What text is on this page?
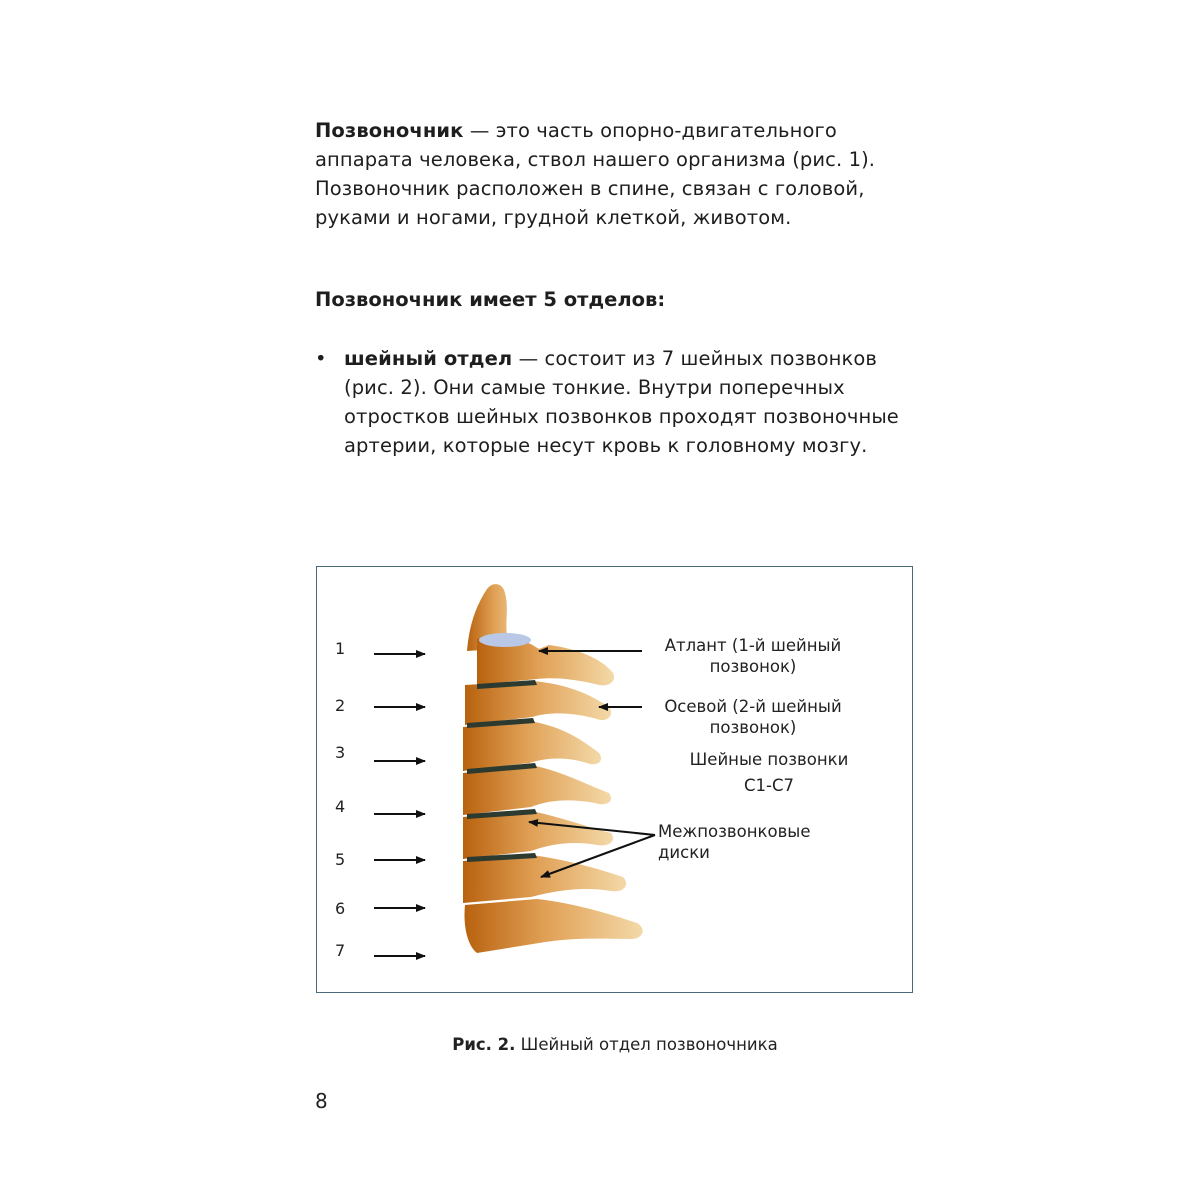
Позвоночник — это часть опорно-двигательного аппарата человека, ствол нашего организма (рис. 1). Позвоночник расположен в спине, связан с головой, руками и ногами, грудной клеткой, животом.

Позвоночник имеет 5 отделов:

• шейный отдел — состоит из 7 шейных позвонков (рис. 2). Они самые тонкие. Внутри поперечных отростков шейных позвонков проходят позвоночные артерии, которые несут кровь к головному мозгу.

1
2
3
4
5
6
7
Атлант (1-й шейный позвонок)
Осевой (2-й шейный позвонок)
Шейные позвонки С1-С7
Межпозвонковые диски
Рис. 2. Шейный отдел позвоночника
8
